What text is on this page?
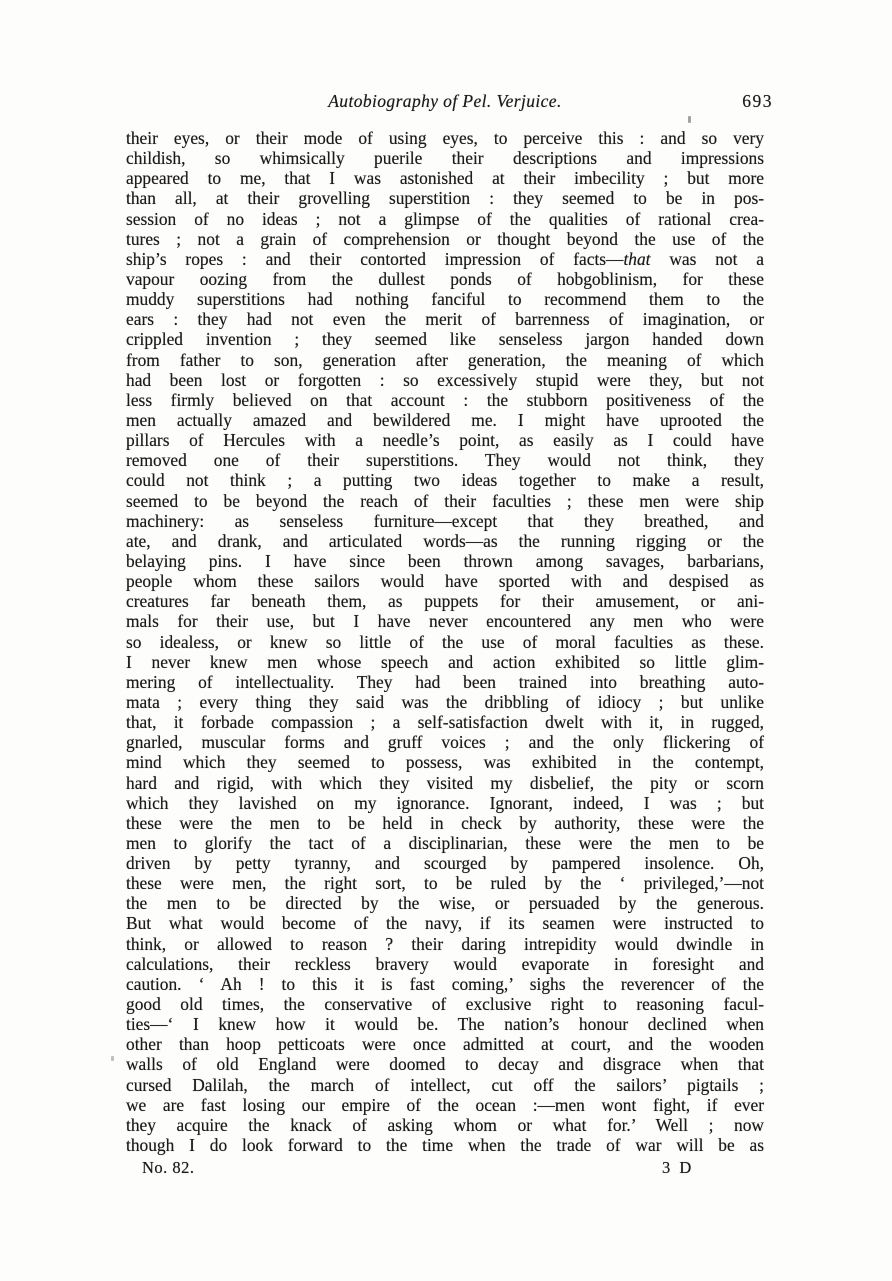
Autobiography of Pel. Verjuice.	693
their eyes, or their mode of using eyes, to perceive this : and so very
childish, so whimsically puerile their descriptions and impressions
appeared to me, that I was astonished at their imbecility ; but more
than all, at their grovelling superstition : they seemed to be in pos-
session of no ideas ; not a glimpse of the qualities of rational crea-
tures ; not a grain of comprehension or thought beyond the use of the
ship’s ropes : and their contorted impression of facts—that was not a
vapour oozing from the dullest ponds of hobgoblinism, for these
muddy superstitions had nothing fanciful to recommend them to the
ears : they had not even the merit of barrenness of imagination, or
crippled invention ; they seemed like senseless jargon handed down
from father to son, generation after generation, the meaning of which
had been lost or forgotten : so excessively stupid were they, but not
less firmly believed on that account : the stubborn positiveness of the
men actually amazed and bewildered me. I might have uprooted the
pillars of Hercules with a needle’s point, as easily as I could have
removed one of their superstitions. They would not think, they
could not think ; a putting two ideas together to make a result,
seemed to be beyond the reach of their faculties ; these men were ship
machinery: as senseless furniture—except that they breathed, and
ate, and drank, and articulated words—as the running rigging or the
belaying pins. I have since been thrown among savages, barbarians,
people whom these sailors would have sported with and despised as
creatures far beneath them, as puppets for their amusement, or ani-
mals for their use, but I have never encountered any men who were
so idealess, or knew so little of the use of moral faculties as these.
I never knew men whose speech and action exhibited so little glim-
mering of intellectuality. They had been trained into breathing auto-
mata ; every thing they said was the dribbling of idiocy ; but unlike
that, it forbade compassion ; a self-satisfaction dwelt with it, in rugged,
gnarled, muscular forms and gruff voices ; and the only flickering of
mind which they seemed to possess, was exhibited in the contempt,
hard and rigid, with which they visited my disbelief, the pity or scorn
which they lavished on my ignorance. Ignorant, indeed, I was ; but
these were the men to be held in check by authority, these were the
men to glorify the tact of a disciplinarian, these were the men to be
driven by petty tyranny, and scourged by pampered insolence. Oh,
these were men, the right sort, to be ruled by the ‘ privileged,’—not
the men to be directed by the wise, or persuaded by the generous.
But what would become of the navy, if its seamen were instructed to
think, or allowed to reason ? their daring intrepidity would dwindle in
calculations, their reckless bravery would evaporate in foresight and
caution. ‘ Ah ! to this it is fast coming,’ sighs the reverencer of the
good old times, the conservative of exclusive right to reasoning facul-
ties—‘ I knew how it would be. The nation’s honour declined when
other than hoop petticoats were once admitted at court, and the wooden
walls of old England were doomed to decay and disgrace when that
cursed Dalilah, the march of intellect, cut off the sailors’ pigtails ;
we are fast losing our empire of the ocean :—men wont fight, if ever
they acquire the knack of asking whom or what for.’ Well ; now
though I do look forward to the time when the trade of war will be as
No. 82.	3 D
